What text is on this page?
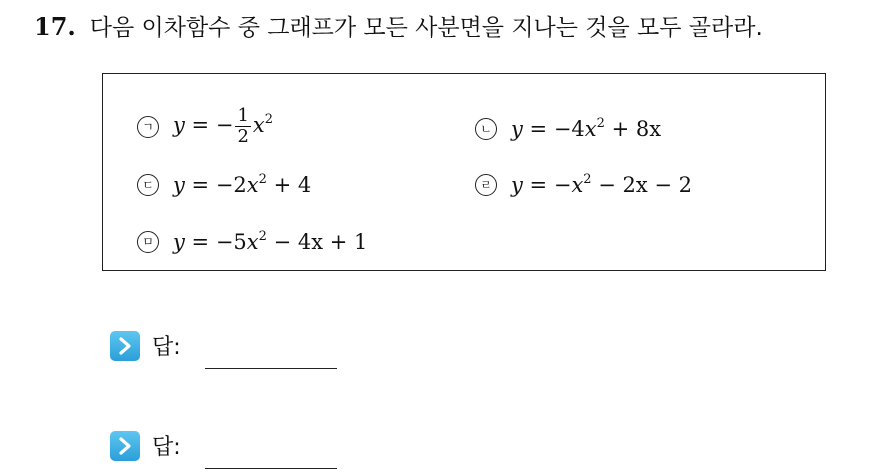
17. 다음 이차함수 중 그래프가 모든 사분면을 지나는 것을 모두 골라라.
ㄱ y = − $\frac{1}{2} x^2$
ㄴ $y = -4x^2 + 8x$
ㄷ $y = -2x^2 + 4$	ㄹ $y = -x^2 - 2x - 2$
ㅁ $y = -5x^2 - 4x + 1$
답:
답:
